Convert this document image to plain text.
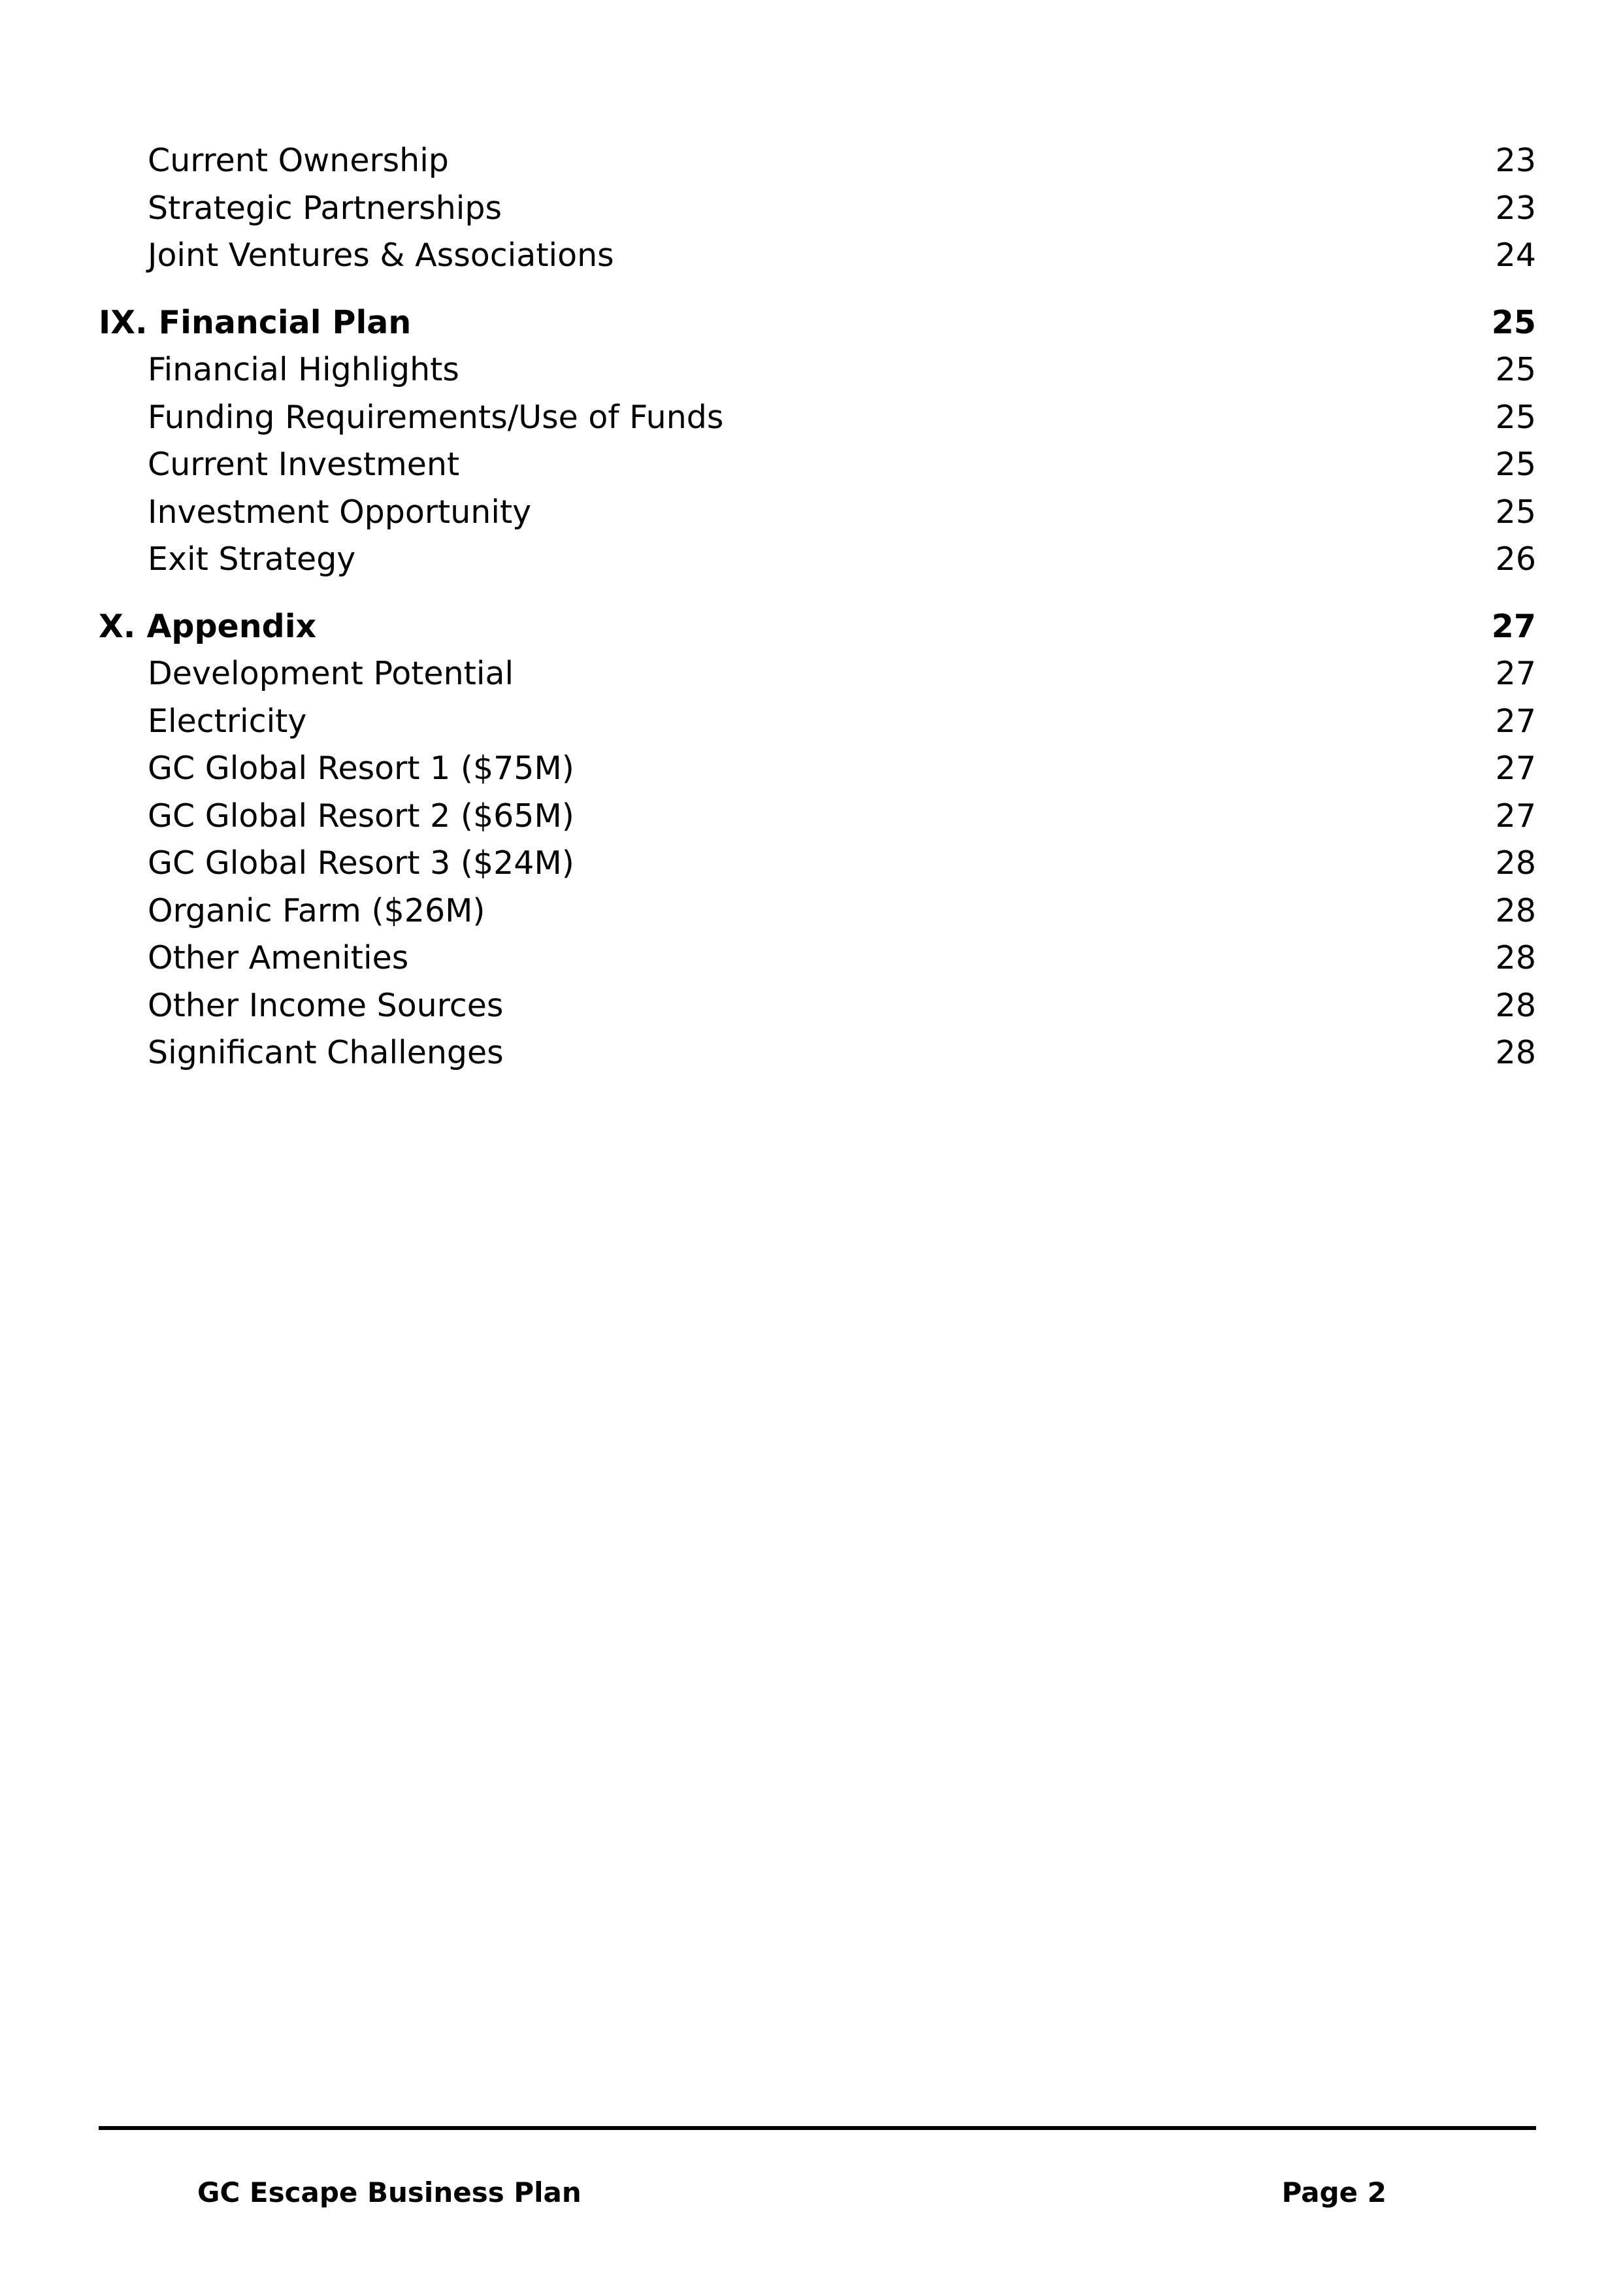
Current Ownership	23
Strategic Partnerships	23
Joint Ventures & Associations	24
IX. Financial Plan	25
Financial Highlights	25
Funding Requirements/Use of Funds	25
Current Investment	25
Investment Opportunity	25
Exit Strategy	26
X. Appendix	27
Development Potential	27
Electricity	27
GC Global Resort 1 ($75M)	27
GC Global Resort 2 ($65M)	27
GC Global Resort 3 ($24M)	28
Organic Farm ($26M)	28
Other Amenities	28
Other Income Sources	28
Significant Challenges	28
GC Escape Business Plan	Page 2
